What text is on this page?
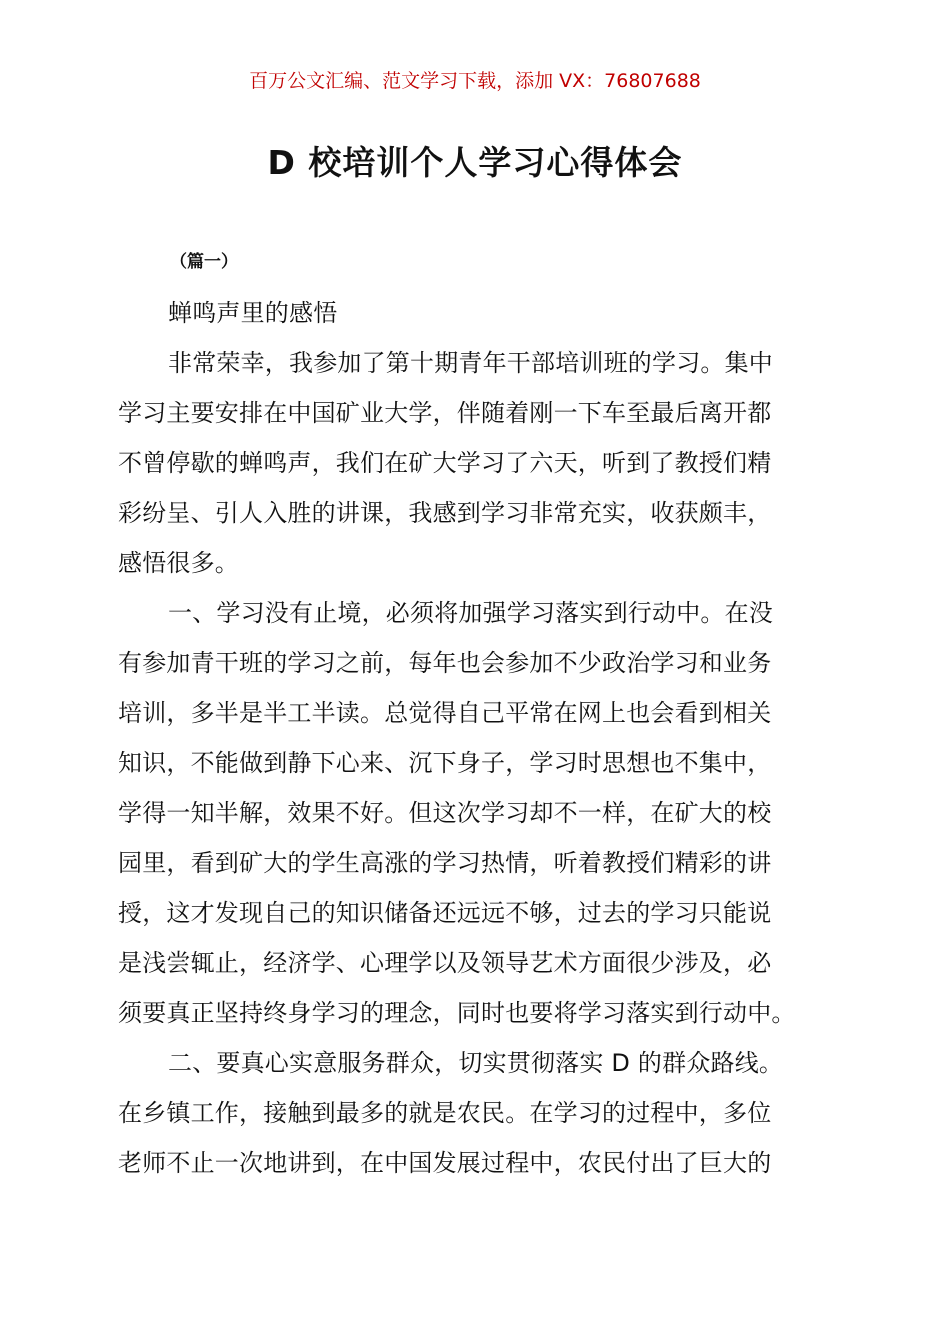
百万公文汇编、范文学习下载，添加 VX：76807688
D 校培训个人学习心得体会
（篇一）

蝉鸣声里的感悟

非常荣幸，我参加了第十期青年干部培训班的学习。集中

学习主要安排在中国矿业大学，伴随着刚一下车至最后离开都

不曾停歇的蝉鸣声，我们在矿大学习了六天，听到了教授们精

彩纷呈、引人入胜的讲课，我感到学习非常充实，收获颇丰，

感悟很多。

一、学习没有止境，必须将加强学习落实到行动中。在没

有参加青干班的学习之前，每年也会参加不少政治学习和业务

培训，多半是半工半读。总觉得自己平常在网上也会看到相关

知识，不能做到静下心来、沉下身子，学习时思想也不集中，

学得一知半解，效果不好。但这次学习却不一样，在矿大的校

园里，看到矿大的学生高涨的学习热情，听着教授们精彩的讲

授，这才发现自己的知识储备还远远不够，过去的学习只能说

是浅尝辄止，经济学、心理学以及领导艺术方面很少涉及，必

须要真正坚持终身学习的理念，同时也要将学习落实到行动中。

二、要真心实意服务群众，切实贯彻落实 D 的群众路线。

在乡镇工作，接触到最多的就是农民。在学习的过程中，多位

老师不止一次地讲到，在中国发展过程中，农民付出了巨大的
